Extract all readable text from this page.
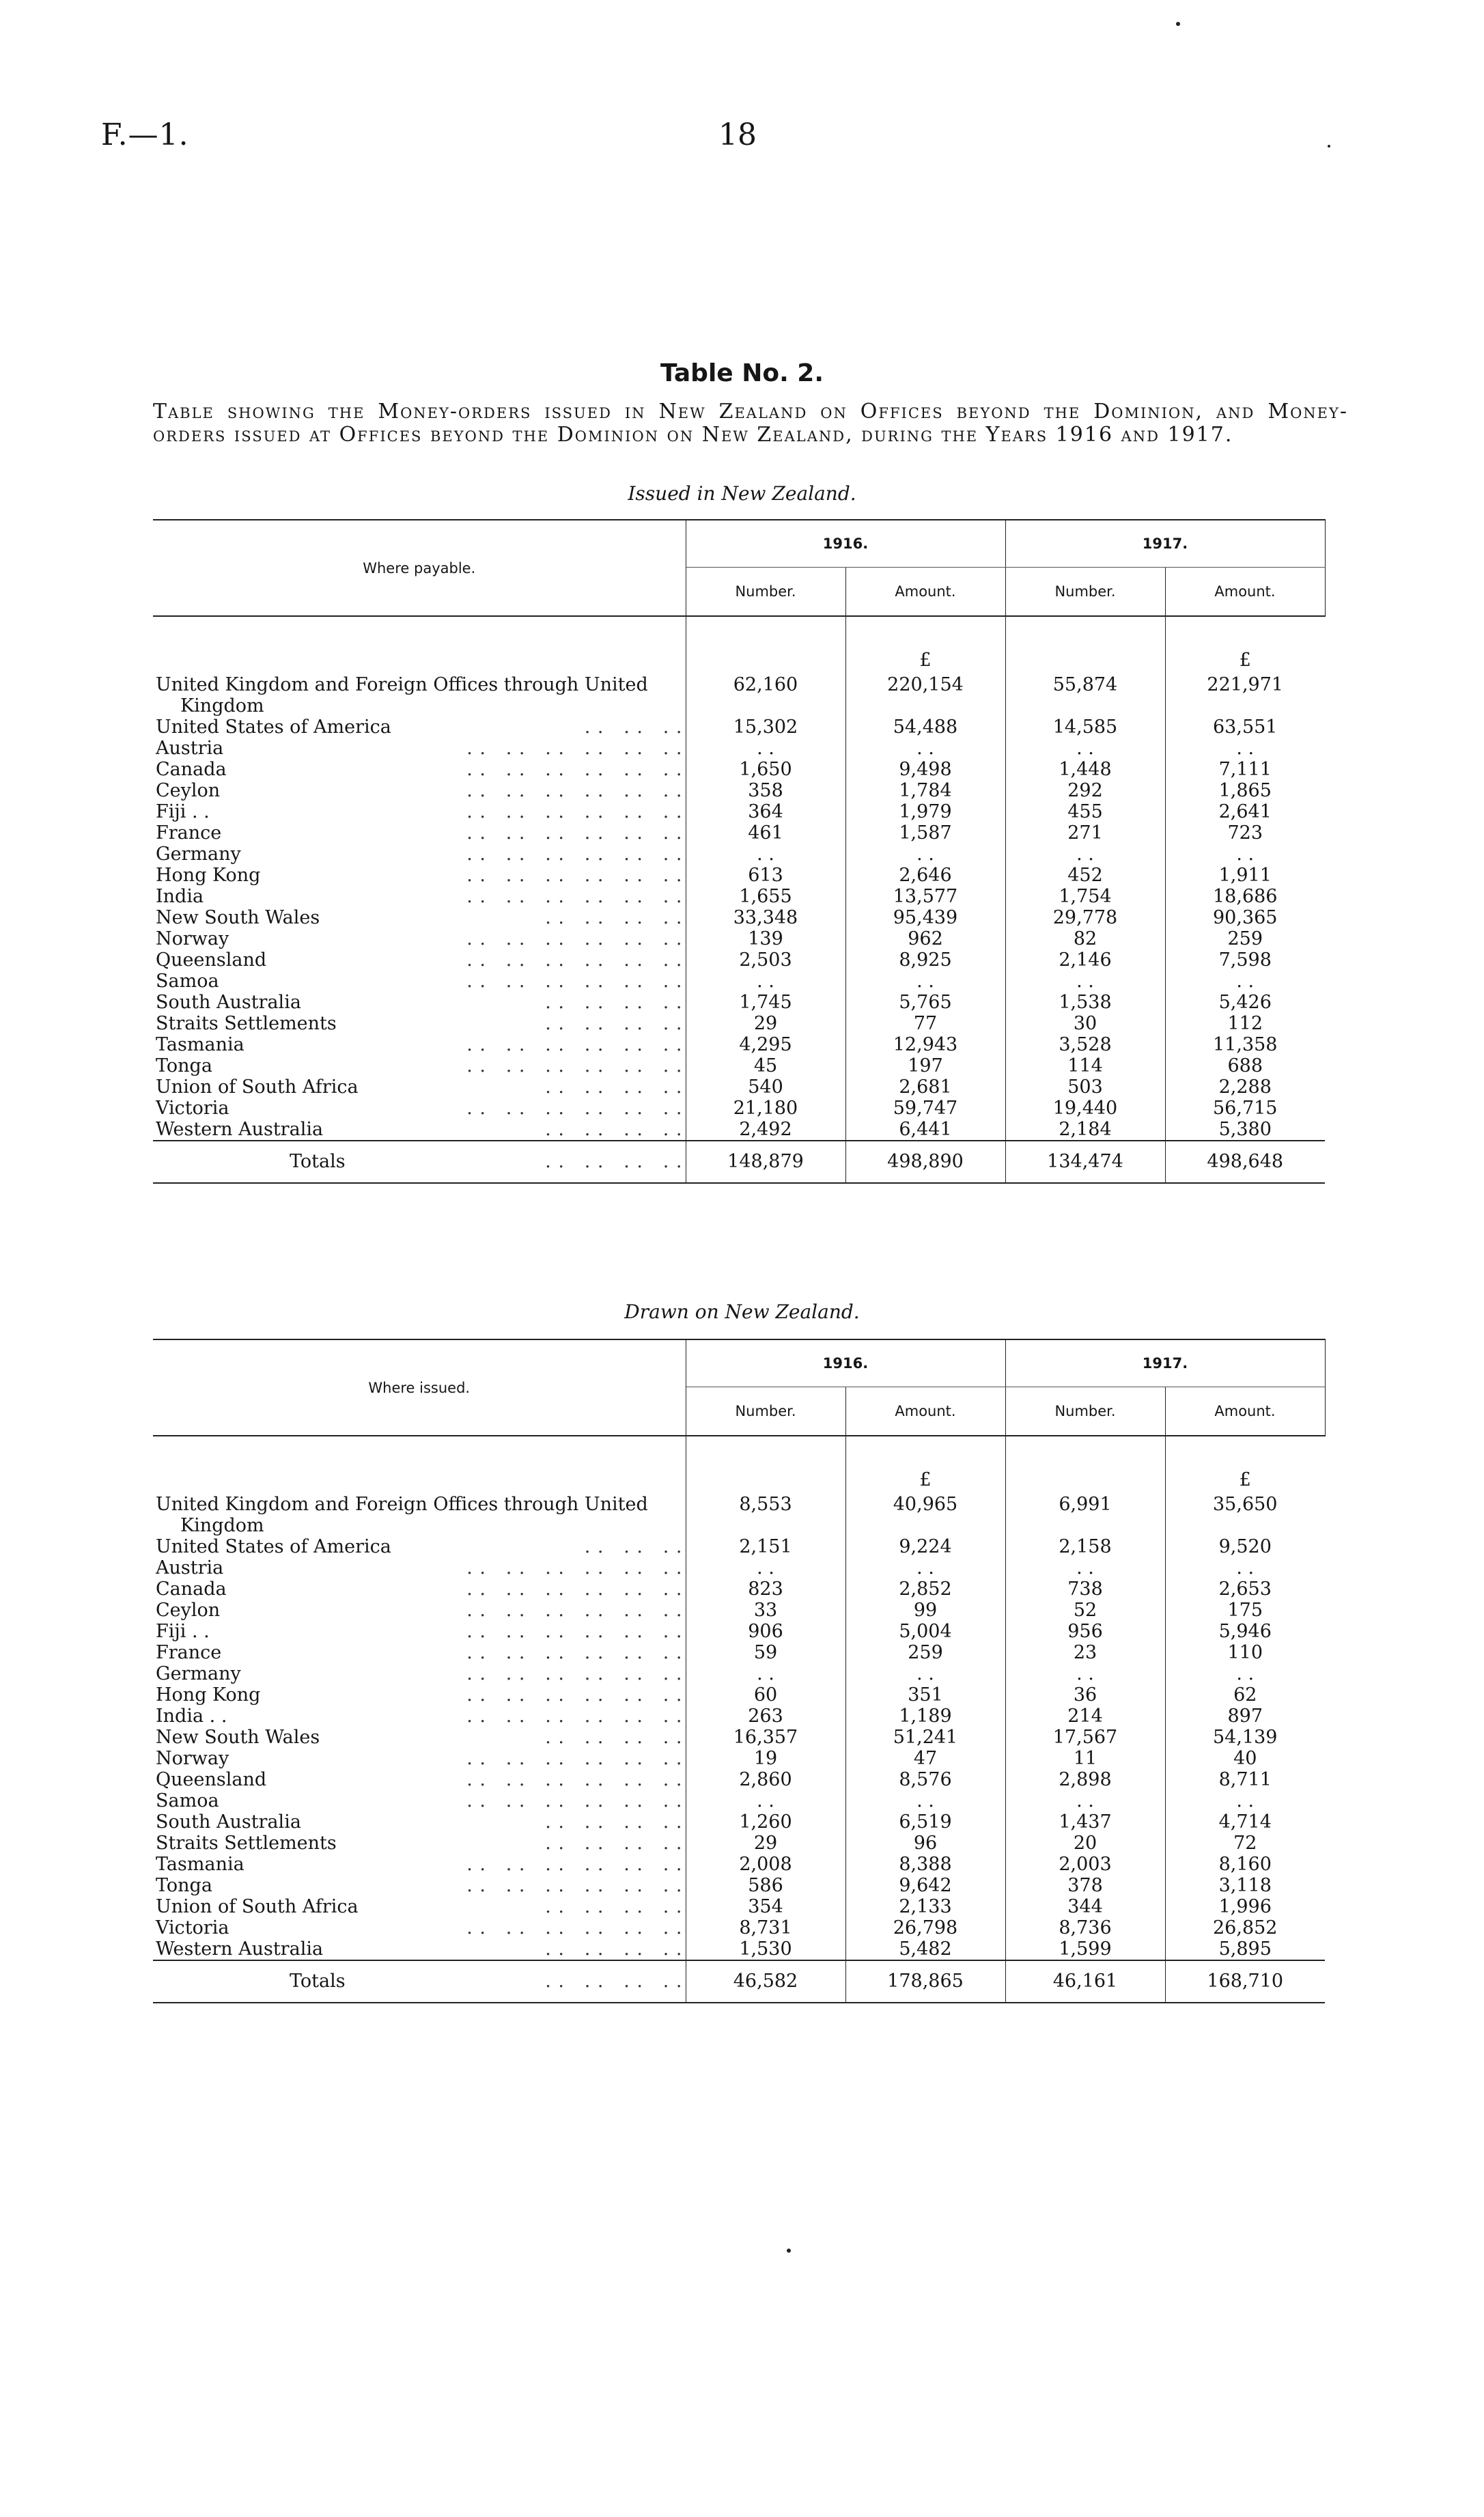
F.—1.	18
Table No. 2.
Table showing the Money-orders issued in New Zealand on Offices beyond the Dominion, and Money-orders issued at Offices beyond the Dominion on New Zealand, during the Years 1916 and 1917.
Issued in New Zealand.
Drawn on New Zealand.
Where payable.	1916.		1917.	
	Number.	Amount.	Number.	Amount.

		£		£

United Kingdom and Foreign Offices through United
Kingdom	62,160	220,154	55,874	221,971
United States of America . .   . .   . .	15,302	54,488	14,585	63,551
Austria . .   . .   . .   . .   . .   . .	. .	. .	. .	. .
Canada . .   . .   . .   . .   . .   . .	1,650	9,498	1,448	7,111
Ceylon . .   . .   . .   . .   . .   . .	358	1,784	292	1,865
Fiji . . . .   . .   . .   . .   . .   . .	364	1,979	455	2,641
France . .   . .   . .   . .   . .   . .	461	1,587	271	723
Germany . .   . .   . .   . .   . .   . .	. .	. .	. .	. .
Hong Kong . .   . .   . .   . .   . .   . .	613	2,646	452	1,911
India . .   . .   . .   . .   . .   . .	1,655	13,577	1,754	18,686
New South Wales . .   . .   . .   . .	33,348	95,439	29,778	90,365
Norway . .   . .   . .   . .   . .   . .	139	962	82	259
Queensland . .   . .   . .   . .   . .   . .	2,503	8,925	2,146	7,598
Samoa . .   . .   . .   . .   . .   . .	. .	. .	. .	. .
South Australia . .   . .   . .   . .	1,745	5,765	1,538	5,426
Straits Settlements . .   . .   . .   . .	29	77	30	112
Tasmania . .   . .   . .   . .   . .   . .	4,295	12,943	3,528	11,358
Tonga . .   . .   . .   . .   . .   . .	45	197	114	688
Union of South Africa . .   . .   . .   . .	540	2,681	503	2,288
Victoria . .   . .   . .   . .   . .   . .	21,180	59,747	19,440	56,715
Western Australia . .   . .   . .   . .	2,492	6,441	2,184	5,380
Totals . .   . .   . .   . .	148,879	498,890	134,474	498,648
Where issued.	1916.		1917.	
	Number.	Amount.	Number.	Amount.

		£		£

United Kingdom and Foreign Offices through United
Kingdom	8,553	40,965	6,991	35,650
United States of America . .   . .   . .	2,151	9,224	2,158	9,520
Austria . .   . .   . .   . .   . .   . .	. .	. .	. .	. .
Canada . .   . .   . .   . .   . .   . .	823	2,852	738	2,653
Ceylon . .   . .   . .   . .   . .   . .	33	99	52	175
Fiji . . . .   . .   . .   . .   . .   . .	906	5,004	956	5,946
France . .   . .   . .   . .   . .   . .	59	259	23	110
Germany . .   . .   . .   . .   . .   . .	. .	. .	. .	. .
Hong Kong . .   . .   . .   . .   . .   . .	60	351	36	62
India . . . .   . .   . .   . .   . .   . .	263	1,189	214	897
New South Wales . .   . .   . .   . .	16,357	51,241	17,567	54,139
Norway . .   . .   . .   . .   . .   . .	19	47	11	40
Queensland . .   . .   . .   . .   . .   . .	2,860	8,576	2,898	8,711
Samoa . .   . .   . .   . .   . .   . .	. .	. .	. .	. .
South Australia . .   . .   . .   . .	1,260	6,519	1,437	4,714
Straits Settlements . .   . .   . .   . .	29	96	20	72
Tasmania . .   . .   . .   . .   . .   . .	2,008	8,388	2,003	8,160
Tonga . .   . .   . .   . .   . .   . .	586	9,642	378	3,118
Union of South Africa . .   . .   . .   . .	354	2,133	344	1,996
Victoria . .   . .   . .   . .   . .   . .	8,731	26,798	8,736	26,852
Western Australia . .   . .   . .   . .	1,530	5,482	1,599	5,895
Totals . .   . .   . .   . .	46,582	178,865	46,161	168,710
